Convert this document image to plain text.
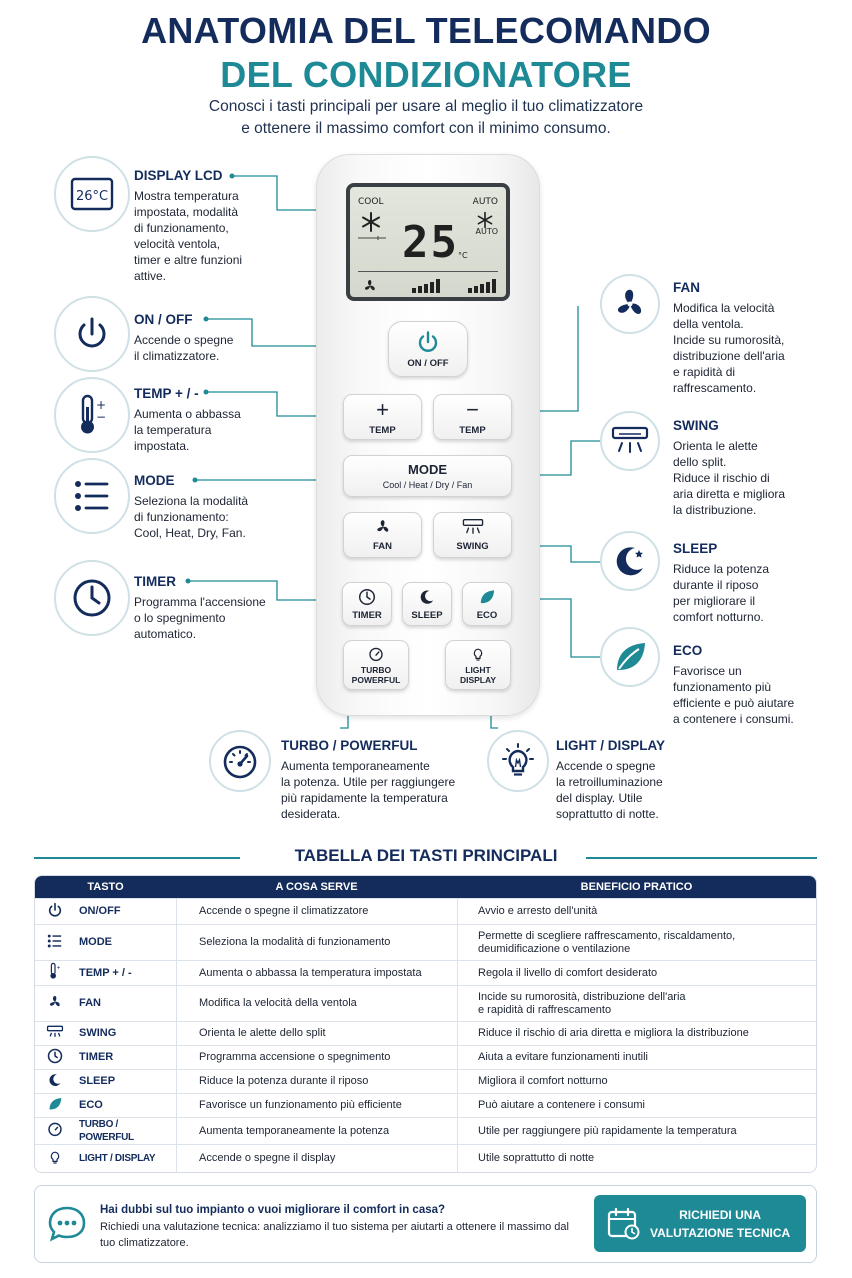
ANATOMIA DEL TELECOMANDO
DEL CONDIZIONATORE
Conosci i tasti principali per usare al meglio il tuo climatizzatore
e ottenere il massimo comfort con il minimo consumo.
26°C
DISPLAY LCD
Mostra temperatura
impostata, modalità
di funzionamento,
velocità ventola,
timer e altre funzioni
attive.
ON / OFF
Accende o spegne
il climatizzatore.
+
−
TEMP + / -
Aumenta o abbassa
la temperatura
impostata.
MODE
Seleziona la modalità
di funzionamento:
Cool, Heat, Dry, Fan.
TIMER
Programma l'accensione
o lo spegnimento
automatico.
FAN
Modifica la velocità
della ventola.
Incide su rumorosità,
distribuzione dell'aria
e rapidità di
raffrescamento.
SWING
Orienta le alette
dello split.
Riduce il rischio di
aria diretta e migliora
la distribuzione.
SLEEP
Riduce la potenza
durante il riposo
per migliorare il
comfort notturno.
ECO
Favorisce un
funzionamento più
efficiente e può aiutare
a contenere i consumi.
TURBO / POWERFUL
Aumenta temporaneamente
la potenza. Utile per raggiungere
più rapidamente la temperatura
desiderata.
LIGHT / DISPLAY
Accende o spegne
la retroilluminazione
del display. Utile
soprattutto di notte.
COOL	AUTO
AUTO
25 °C
ON / OFF
+
TEMP
−
TEMP
MODE
Cool / Heat / Dry / Fan
FAN	SWING
TIMER	SLEEP	ECO
TURBO
POWERFUL
LIGHT
DISPLAY
TABELLA DEI TASTI PRINCIPALI
TASTO		A COSA SERVE	BENEFICIO PRATICO
	ON/OFF	Accende o spegne il climatizzatore	Avvio e arresto dell'unità

	MODE	Seleziona la modalità di funzionamento	Permette di scegliere raffrescamento, riscaldamento,
deumidificazione o ventilazione

+	TEMP + / -	Aumenta o abbassa la temperatura impostata	Regola il livello di comfort desiderato

	FAN	Modifica la velocità della ventola	Incide su rumorosità, distribuzione dell'aria
e rapidità di raffrescamento

	SWING	Orienta le alette dello split	Riduce il rischio di aria diretta e migliora la distribuzione

	TIMER	Programma accensione o spegnimento	Aiuta a evitare funzionamenti inutili

	SLEEP	Riduce la potenza durante il riposo	Migliora il comfort notturno

	ECO	Favorisce un funzionamento più efficiente	Può aiutare a contenere i consumi

	TURBO / POWERFUL	Aumenta temporaneamente la potenza	Utile per raggiungere più rapidamente la temperatura

	LIGHT / DISPLAY	Accende o spegne il display	Utile soprattutto di notte
Hai dubbi sul tuo impianto o vuoi migliorare il comfort in casa?
Richiedi una valutazione tecnica: analizziamo il tuo sistema per aiutarti a ottenere il massimo dal tuo climatizzatore.
RICHIEDI UNA
VALUTAZIONE TECNICA
